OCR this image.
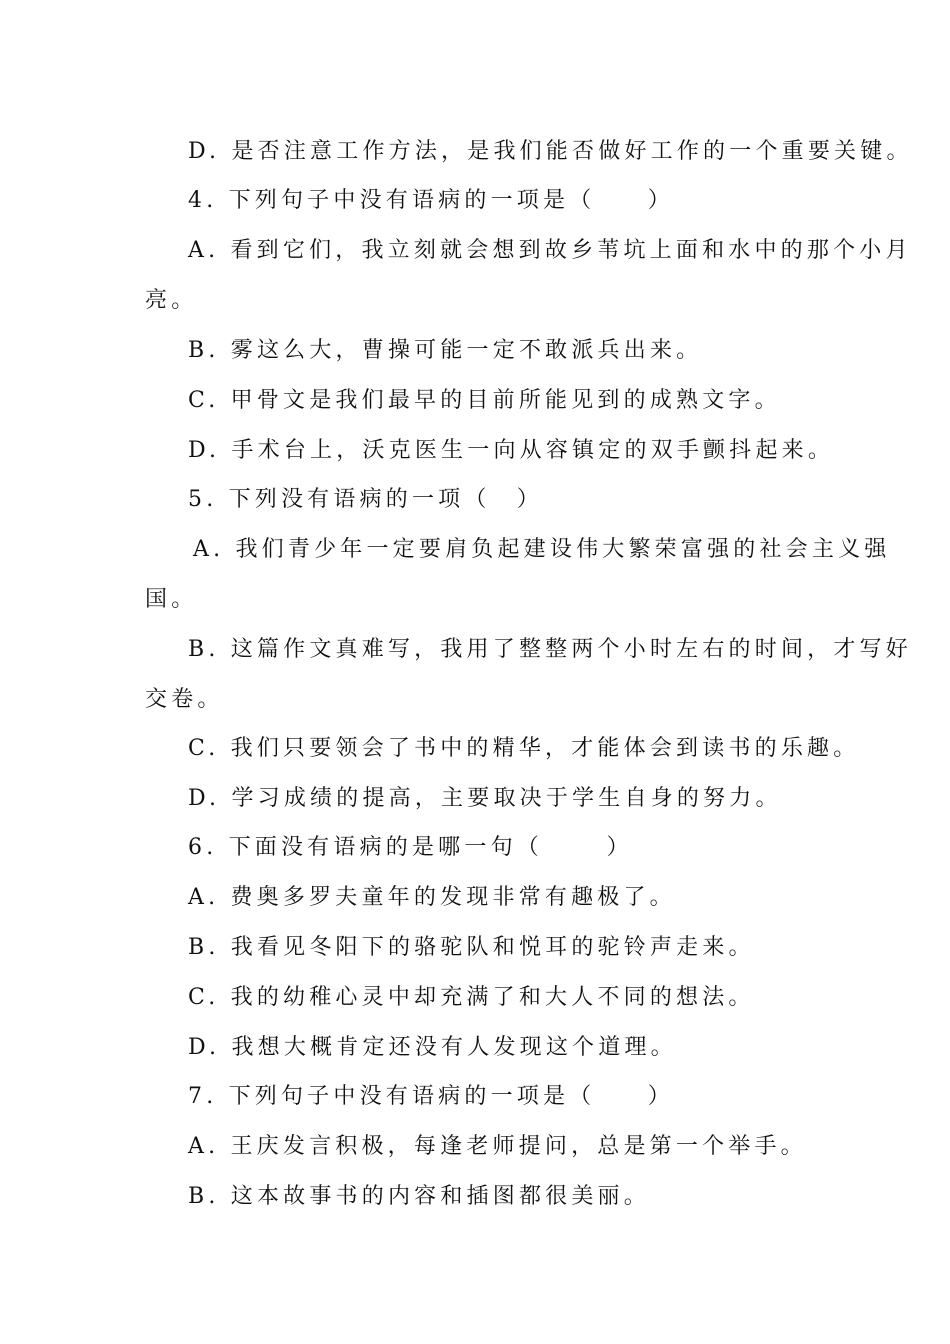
D. 是否注意工作方法，是我们能否做好工作的一个重要关键。
4. 下列句子中没有语病的一项是（　　）
A. 看到它们，我立刻就会想到故乡苇坑上面和水中的那个小月
亮。
B. 雾这么大，曹操可能一定不敢派兵出来。
C. 甲骨文是我们最早的目前所能见到的成熟文字。
D. 手术台上，沃克医生一向从容镇定的双手颤抖起来。
5. 下列没有语病的一项（　）
A. 我们青少年一定要肩负起建设伟大繁荣富强的社会主义强
国。
B. 这篇作文真难写，我用了整整两个小时左右的时间，才写好
交卷。
C. 我们只要领会了书中的精华，才能体会到读书的乐趣。
D. 学习成绩的提高，主要取决于学生自身的努力。
6. 下面没有语病的是哪一句（　　 ）
A. 费奥多罗夫童年的发现非常有趣极了。
B. 我看见冬阳下的骆驼队和悦耳的驼铃声走来。
C. 我的幼稚心灵中却充满了和大人不同的想法。
D. 我想大概肯定还没有人发现这个道理。
7. 下列句子中没有语病的一项是（　　）
A. 王庆发言积极，每逢老师提问，总是第一个举手。
B. 这本故事书的内容和插图都很美丽。
